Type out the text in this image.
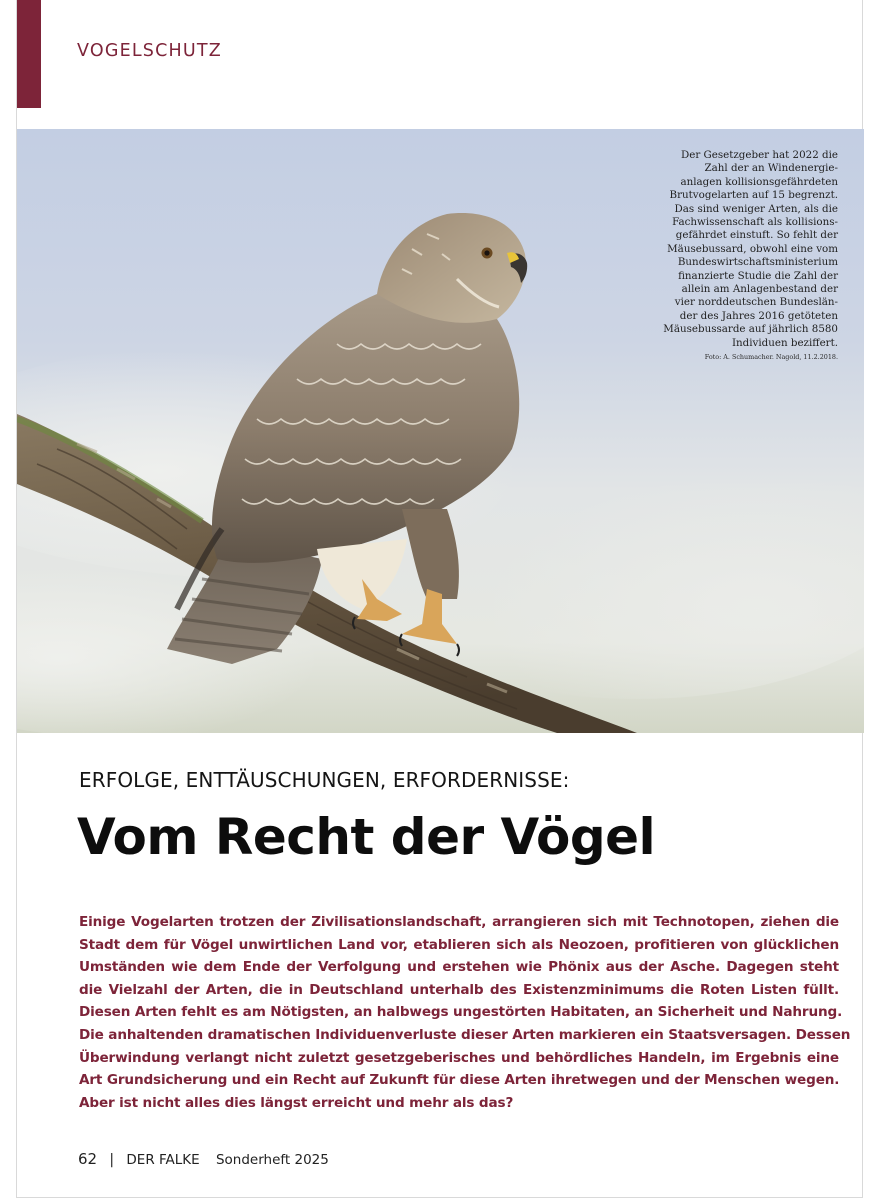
VOGELSCHUTZ
Der Gesetzgeber hat 2022 die
Zahl der an Windenergie-
anlagen kollisionsgefährdeten
Brutvogelarten auf 15 begrenzt.
Das sind weniger Arten, als die
Fachwissenschaft als kollisions-
gefährdet einstuft. So fehlt der
Mäusebussard, obwohl eine vom
Bundeswirtschaftsministerium
finanzierte Studie die Zahl der
allein am Anlagenbestand der
vier norddeutschen Bundeslän-
der des Jahres 2016 getöteten
Mäusebussarde auf jährlich 8580
Individuen beziffert.
Foto: A. Schumacher. Nagold, 11.2.2018.
ERFOLGE, ENTTÄUSCHUNGEN, ERFORDERNISSE:
Vom Recht der Vögel
Einige Vogelarten trotzen der Zivilisationslandschaft, arrangieren sich mit Technotopen, ziehen die
Stadt dem für Vögel unwirtlichen Land vor, etablieren sich als Neozoen, profitieren von glücklichen
Umständen wie dem Ende der Verfolgung und erstehen wie Phönix aus der Asche. Dagegen steht
die Vielzahl der Arten, die in Deutschland unterhalb des Existenzminimums die Roten Listen füllt.
Diesen Arten fehlt es am Nötigsten, an halbwegs ungestörten Habitaten, an Sicherheit und Nahrung.
Die anhaltenden dramatischen Individuenverluste dieser Arten markieren ein Staatsversagen. Dessen
Überwindung verlangt nicht zuletzt gesetzgeberisches und behördliches Handeln, im Ergebnis eine
Art Grundsicherung und ein Recht auf Zukunft für diese Arten ihretwegen und der Menschen wegen.
Aber ist nicht alles dies längst erreicht und mehr als das?
62 | DER FALKE Sonderheft 2025
